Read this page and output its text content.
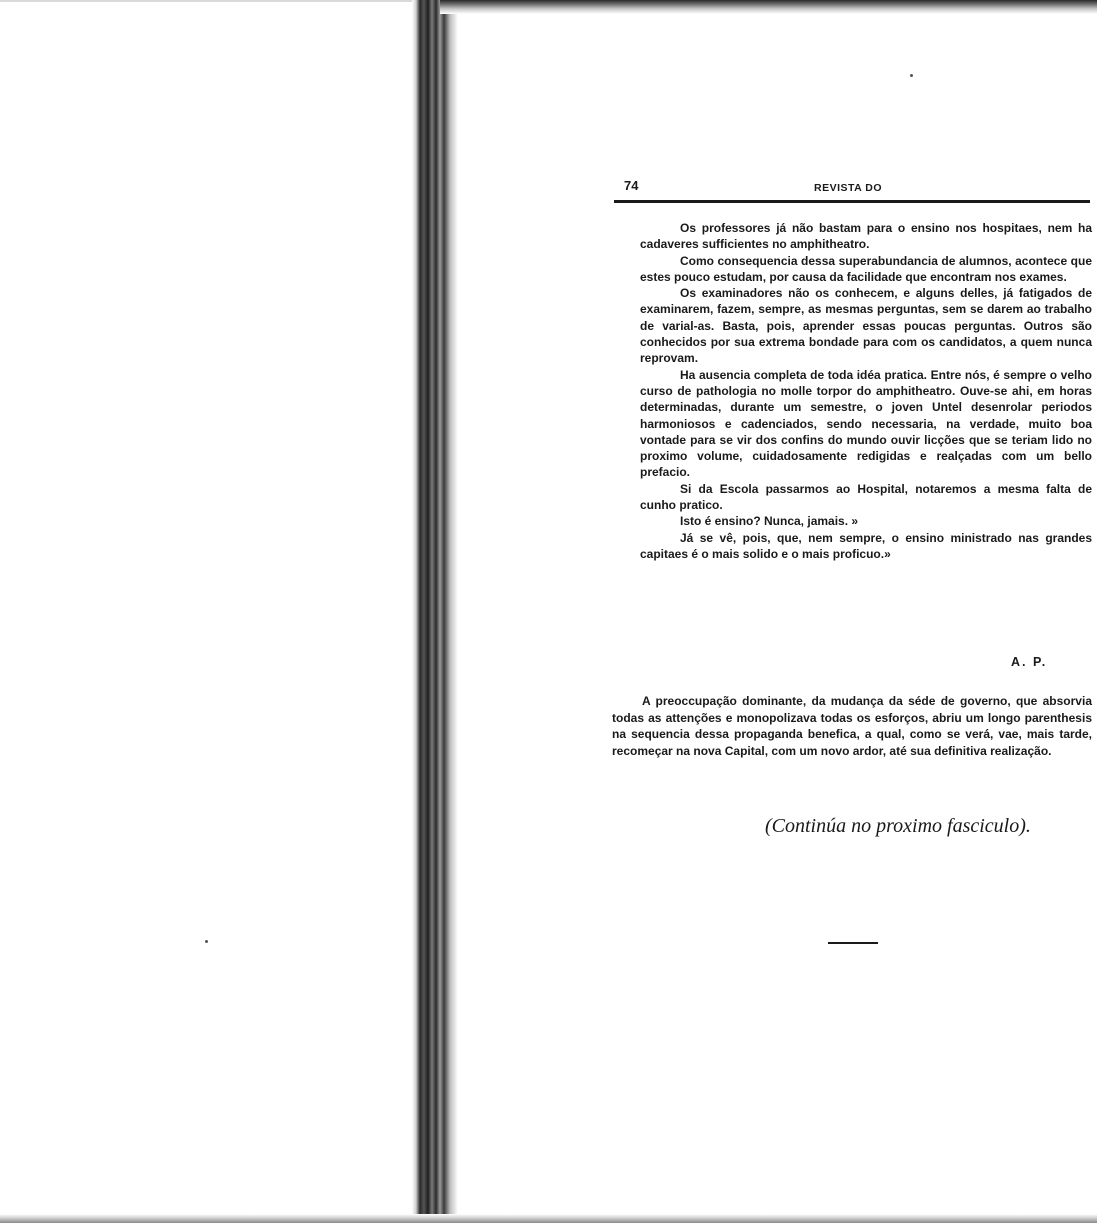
74	REVISTA DO

Os professores já não bastam para o ensino nos hospitaes, nem ha cadaveres sufficientes no amphitheatro.

Como consequencia dessa superabundancia de alumnos, acontece que estes pouco estudam, por causa da facilidade que encontram nos exames.

Os examinadores não os conhecem, e alguns delles, já fatigados de examinarem, fazem, sempre, as mesmas perguntas, sem se darem ao trabalho de varial-as. Basta, pois, aprender essas poucas perguntas. Outros são conhecidos por sua extrema bondade para com os candidatos, a quem nunca reprovam.

Ha ausencia completa de toda idéa pratica. Entre nós, é sempre o velho curso de pathologia no molle torpor do amphitheatro. Ouve-se ahi, em horas determinadas, durante um semestre, o joven Untel desenrolar periodos harmoniosos e cadenciados, sendo necessaria, na verdade, muito boa vontade para se vir dos confins do mundo ouvir licções que se teriam lido no proximo volume, cuidadosamente redigidas e realçadas com um bello prefacio.

Si da Escola passarmos ao Hospital, notaremos a mesma falta de cunho pratico.

Isto é ensino? Nunca, jamais. »

Já se vê, pois, que, nem sempre, o ensino ministrado nas grandes capitaes é o mais solido e o mais proficuo.»

A. P.

A preoccupação dominante, da mudança da séde de governo, que absorvia todas as attenções e monopolizava todas os esforços, abriu um longo parenthesis na sequencia dessa propaganda benefica, a qual, como se verá, vae, mais tarde, recomeçar na nova Capital, com um novo ardor, até sua definitiva realização.

(Continúa no proximo fasciculo).
